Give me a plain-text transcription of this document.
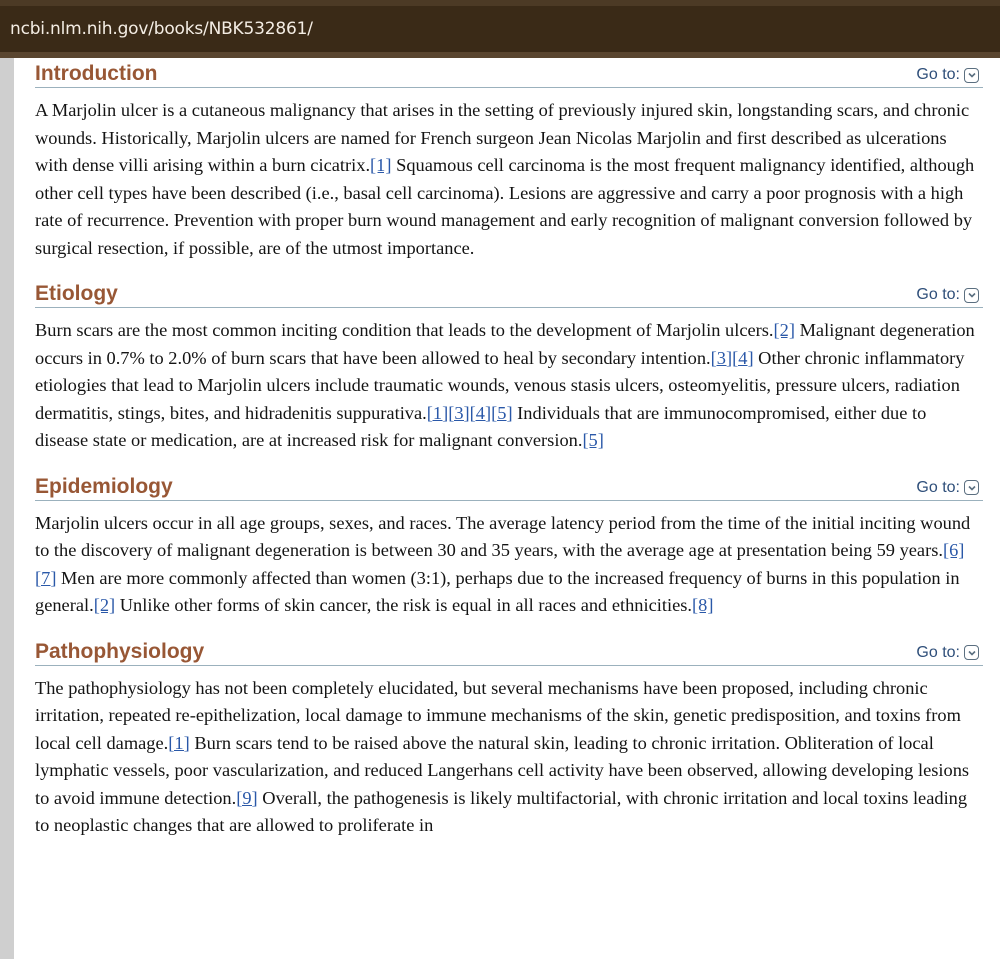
ncbi.nlm.nih.gov/books/NBK532861/
Introduction	Go to:

A Marjolin ulcer is a cutaneous malignancy that arises in the setting of previously injured skin, longstanding scars, and chronic wounds. Historically, Marjolin ulcers are named for French surgeon Jean Nicolas Marjolin and first described as ulcerations with dense villi arising within a burn cicatrix.[1] Squamous cell carcinoma is the most frequent malignancy identified, although other cell types have been described (i.e., basal cell carcinoma). Lesions are aggressive and carry a poor prognosis with a high rate of recurrence. Prevention with proper burn wound management and early recognition of malignant conversion followed by surgical resection, if possible, are of the utmost importance.

Etiology	Go to:

Burn scars are the most common inciting condition that leads to the development of Marjolin ulcers.[2] Malignant degeneration occurs in 0.7% to 2.0% of burn scars that have been allowed to heal by secondary intention.[3][4] Other chronic inflammatory etiologies that lead to Marjolin ulcers include traumatic wounds, venous stasis ulcers, osteomyelitis, pressure ulcers, radiation dermatitis, stings, bites, and hidradenitis suppurativa.[1][3][4][5] Individuals that are immunocompromised, either due to disease state or medication, are at increased risk for malignant conversion.[5]

Epidemiology	Go to:

Marjolin ulcers occur in all age groups, sexes, and races. The average latency period from the time of the initial inciting wound to the discovery of malignant degeneration is between 30 and 35 years, with the average age at presentation being 59 years.[6][7] Men are more commonly affected than women (3:1), perhaps due to the increased frequency of burns in this population in general.[2] Unlike other forms of skin cancer, the risk is equal in all races and ethnicities.[8]

Pathophysiology	Go to:

The pathophysiology has not been completely elucidated, but several mechanisms have been proposed, including chronic irritation, repeated re-epithelization, local damage to immune mechanisms of the skin, genetic predisposition, and toxins from local cell damage.[1] Burn scars tend to be raised above the natural skin, leading to chronic irritation. Obliteration of local lymphatic vessels, poor vascularization, and reduced Langerhans cell activity have been observed, allowing developing lesions to avoid immune detection.[9] Overall, the pathogenesis is likely multifactorial, with chronic irritation and local toxins leading to neoplastic changes that are allowed to proliferate in
